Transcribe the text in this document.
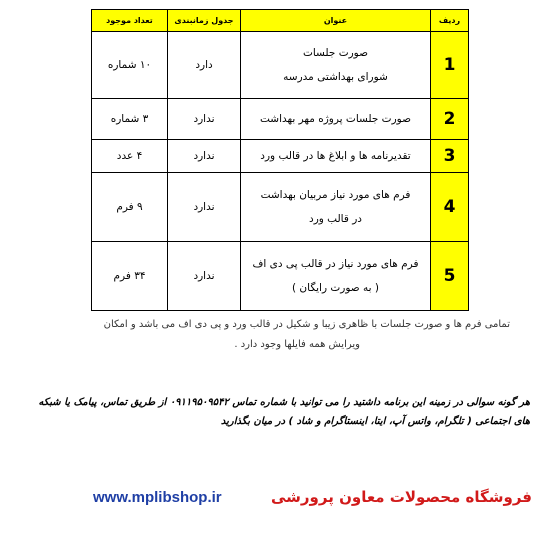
ردیف	عنوان	جدول زمانبندی	تعداد موجود
1	صورت جلسات
شورای بهداشتی مدرسه	دارد	۱۰ شماره
2	صورت جلسات پروژه مهر بهداشت	ندارد	۳ شماره
3	تقدیرنامه ها و ابلاغ ها در قالب ورد	ندارد	۴ عدد
4	فرم های مورد نیاز مربیان بهداشت
در قالب ورد	ندارد	۹ فرم
5	فرم های مورد نیاز در قالب پی دی اف
( به صورت رایگان )	ندارد	۳۴ فرم
تمامی فرم ها و صورت جلسات با ظاهری زیبا و شکیل در قالب ورد و پی دی اف می باشد و امکان
ویرایش همه فایلها وجود دارد .
هر گونه سوالی در زمینه این برنامه داشتید را می توانید با شماره تماس ۰۹۱۱۹۵۰۹۵۴۲ از طریق تماس، پیامک یا شبکه
های اجتماعی ( تلگرام، واتس آپ، ایتا، اینستاگرام و شاد ) در میان بگذارید
www.mplibshop.ir	فروشگاه محصولات معاون پرورشی
